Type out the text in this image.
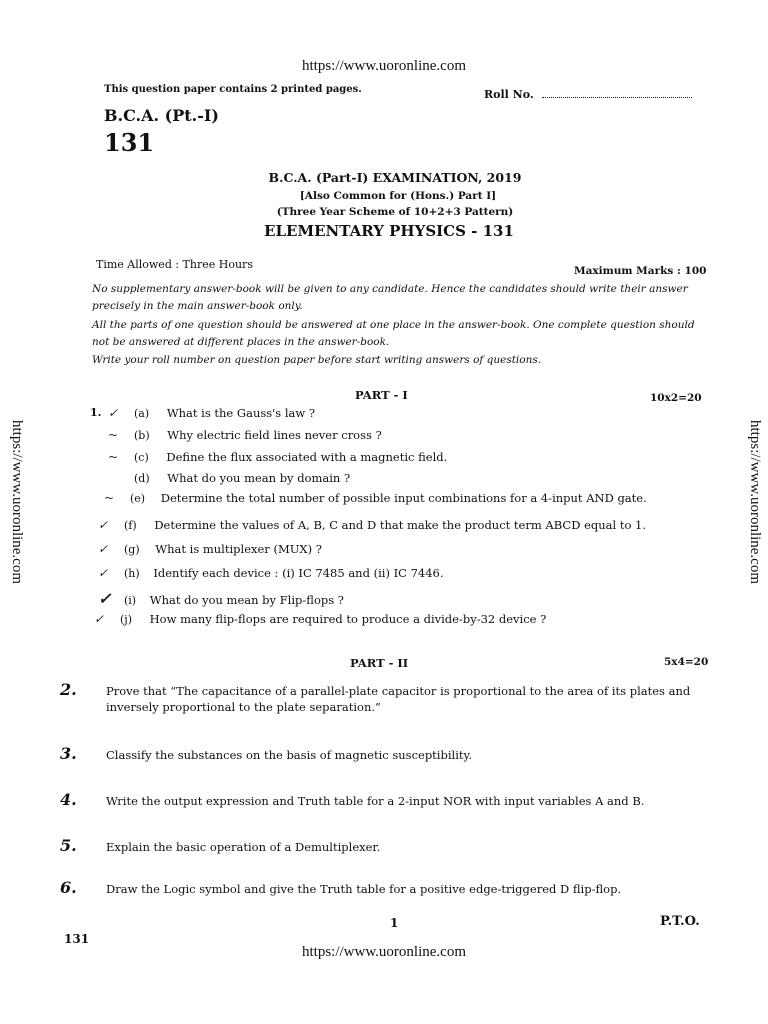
https://www.uoronline.com
https://www.uoronline.com
https://www.uoronline.com	https://www.uoronline.com
This question paper contains 2 printed pages.	Roll No.
B.C.A. (Pt.-I)
131
B.C.A. (Part-I) EXAMINATION, 2019
[Also Common for (Hons.) Part I]
(Three Year Scheme of 10+2+3 Pattern)
ELEMENTARY PHYSICS - 131
Time Allowed : Three Hours	Maximum Marks : 100
No supplementary answer-book will be given to any candidate. Hence the candidates should write their answer
precisely in the main answer-book only.
All the parts of one question should be answered at one place in the answer-book. One complete question should
not be answered at different places in the answer-book.
Write your roll number on question paper before start writing answers of questions.
PART - I	10x2=20
1. ✓ (a) What is the Gauss's law ?
~ (b) Why electric field lines never cross ?
~ (c) Define the flux associated with a magnetic field.
(d) What do you mean by domain ?
~ (e) Determine the total number of possible input combinations for a 4-input AND gate.
✓ (f) Determine the values of A, B, C and D that make the product term ABCD equal to 1.
✓ (g) What is multiplexer (MUX) ?
✓ (h) Identify each device : (i) IC 7485 and (ii) IC 7446.
✓ (i) What do you mean by Flip-flops ?
✓ (j) How many flip-flops are required to produce a divide-by-32 device ?
PART - II	5x4=20
2.	Prove that “The capacitance of a parallel-plate capacitor is proportional to the area of its plates and
inversely proportional to the plate separation.”
3.	Classify the substances on the basis of magnetic susceptibility.
4.	Write the output expression and Truth table for a 2-input NOR with input variables A and B.
5.	Explain the basic operation of a Demultiplexer.
6.	Draw the Logic symbol and give the Truth table for a positive edge-triggered D flip-flop.
1	P.T.O.
131
